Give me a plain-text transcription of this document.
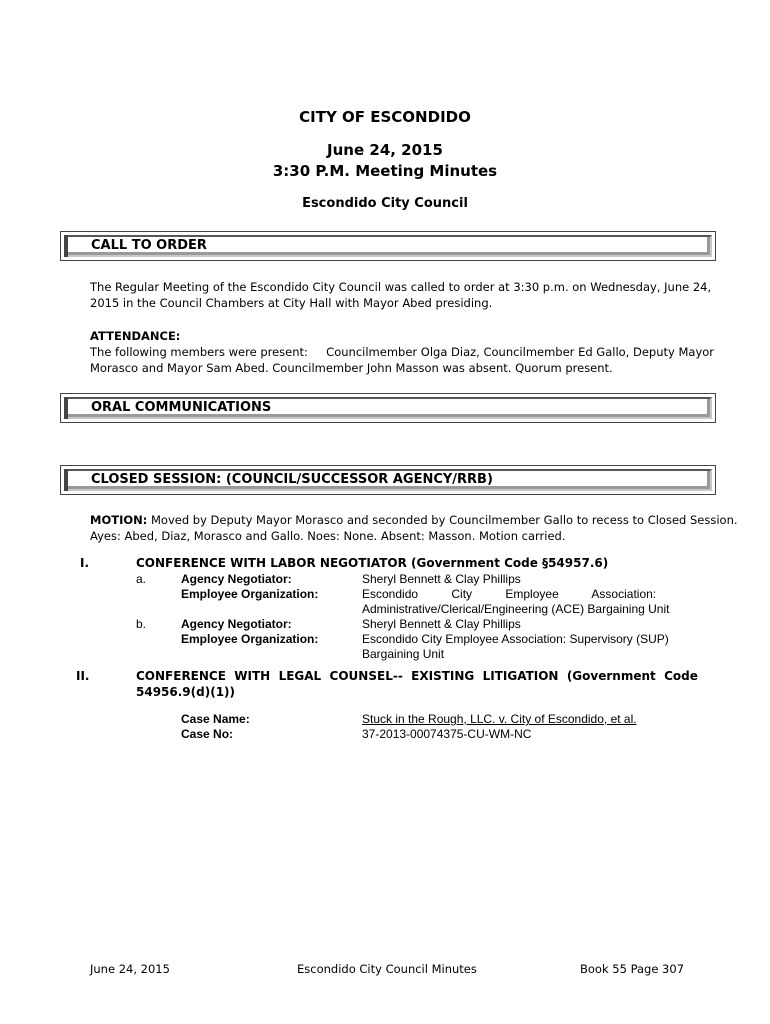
CITY OF ESCONDIDO
June 24, 2015
3:30 P.M. Meeting Minutes
Escondido City Council
CALL TO ORDER
The Regular Meeting of the Escondido City Council was called to order at 3:30 p.m. on Wednesday, June 24,
2015 in the Council Chambers at City Hall with Mayor Abed presiding.
ATTENDANCE:
The following members were present:     Councilmember Olga Diaz, Councilmember Ed Gallo, Deputy Mayor
Morasco and Mayor Sam Abed. Councilmember John Masson was absent. Quorum present.
ORAL COMMUNICATIONS
CLOSED SESSION: (COUNCIL/SUCCESSOR AGENCY/RRB)
MOTION: Moved by Deputy Mayor Morasco and seconded by Councilmember Gallo to recess to Closed Session.
Ayes: Abed, Diaz, Morasco and Gallo. Noes: None. Absent: Masson. Motion carried.
I.	CONFERENCE WITH LABOR NEGOTIATOR (Government Code §54957.6)
a.	Agency Negotiator:	Sheryl Bennett & Clay Phillips
Employee Organization:	Escondido          City          Employee          Association:
Administrative/Clerical/Engineering (ACE) Bargaining Unit
b.	Agency Negotiator:	Sheryl Bennett & Clay Phillips
Employee Organization:	Escondido City Employee Association: Supervisory (SUP)
Bargaining Unit
II.	CONFERENCE  WITH  LEGAL  COUNSEL--  EXISTING  LITIGATION  (Government  Code
54956.9(d)(1))
Case Name:	Stuck in the Rough, LLC. v. City of Escondido, et al.
Case No:	37-2013-00074375-CU-WM-NC
June 24, 2015	Escondido City Council Minutes	Book 55 Page 307
